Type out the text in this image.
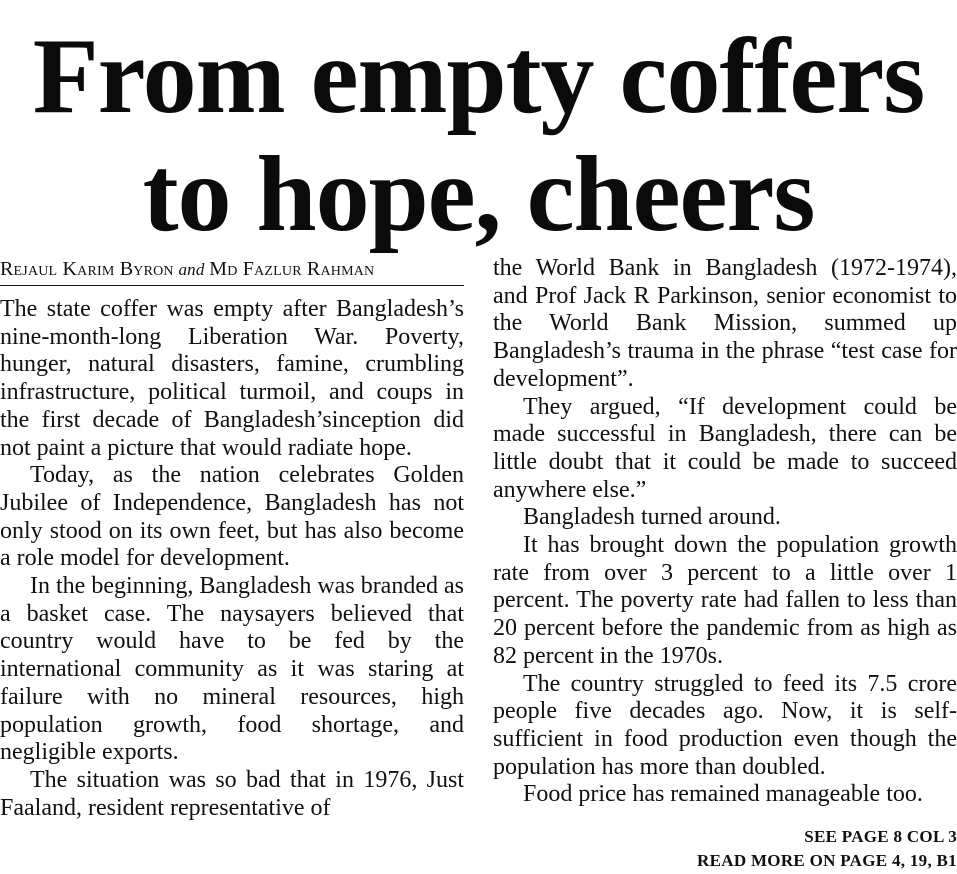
From empty coffers
to hope, cheers
Rejaul Karim Byron and Md Fazlur Rahman

The state coffer was empty after Bangladesh’s nine-month-long Liberation War. Poverty, hunger, natural disasters, famine, crumbling infrastructure, political turmoil, and coups in the first decade of Bangladesh’sinception did not paint a picture that would radiate hope.

Today, as the nation celebrates Golden Jubilee of Independence, Bangladesh has not only stood on its own feet, but has also become a role model for development.

In the beginning, Bangladesh was branded as a basket case. The naysayers believed that country would have to be fed by the international community as it was staring at failure with no mineral resources, high population growth, food shortage, and negligible exports.

The situation was so bad that in 1976, Just Faaland, resident representative of

the World Bank in Bangladesh (1972-1974), and Prof Jack R Parkinson, senior economist to the World Bank Mission, summed up Bangladesh’s trauma in the phrase “test case for development”.

They argued, “If development could be made successful in Bangladesh, there can be little doubt that it could be made to succeed anywhere else.”

Bangladesh turned around.

It has brought down the population growth rate from over 3 percent to a little over 1 percent. The poverty rate had fallen to less than 20 percent before the pandemic from as high as 82 percent in the 1970s.

The country struggled to feed its 7.5 crore people five decades ago. Now, it is self-sufficient in food production even though the population has more than doubled.

Food price has remained manageable too.

SEE PAGE 8 COL 3
READ MORE ON PAGE 4, 19, B1
